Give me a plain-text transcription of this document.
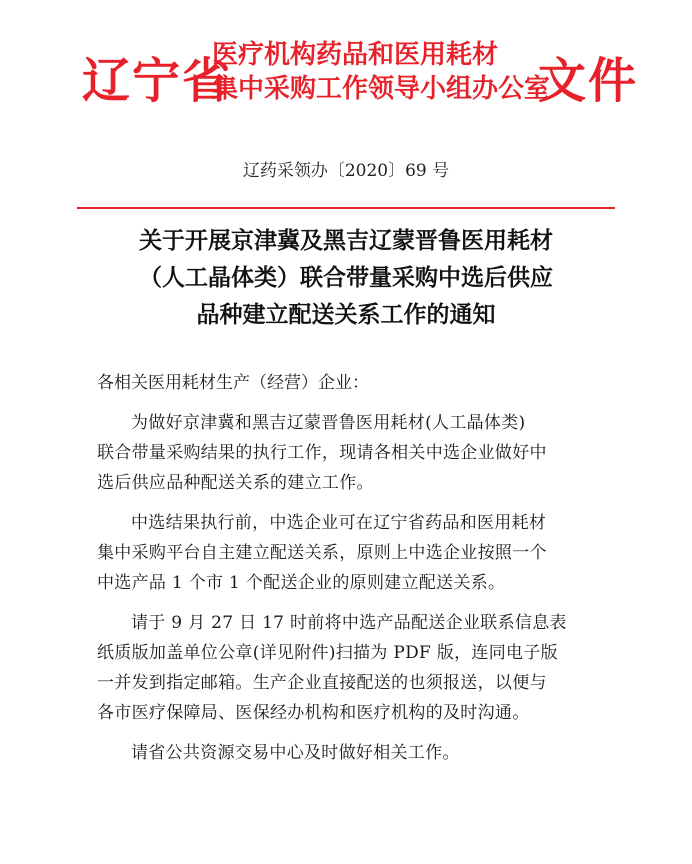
辽宁省
医疗机构药品和医用耗材
集中采购工作领导小组办公室
文件
辽药采领办〔2020〕69 号
关于开展京津冀及黑吉辽蒙晋鲁医用耗材
（人工晶体类）联合带量采购中选后供应
品种建立配送关系工作的通知
各相关医用耗材生产（经营）企业：
为做好京津冀和黑吉辽蒙晋鲁医用耗材(人工晶体类)
联合带量采购结果的执行工作，现请各相关中选企业做好中
选后供应品种配送关系的建立工作。
中选结果执行前，中选企业可在辽宁省药品和医用耗材
集中采购平台自主建立配送关系，原则上中选企业按照一个
中选产品 1 个市 1 个配送企业的原则建立配送关系。
请于 9 月 27 日 17 时前将中选产品配送企业联系信息表
纸质版加盖单位公章(详见附件)扫描为 PDF 版，连同电子版
一并发到指定邮箱。生产企业直接配送的也须报送，以便与
各市医疗保障局、医保经办机构和医疗机构的及时沟通。
请省公共资源交易中心及时做好相关工作。
